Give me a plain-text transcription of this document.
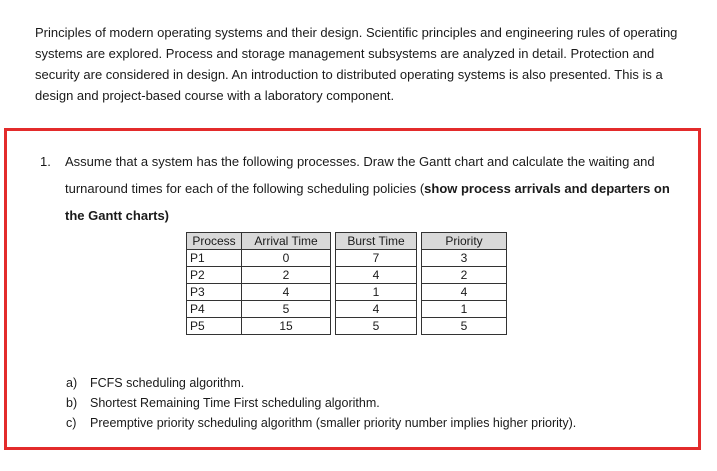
Principles of modern operating systems and their design. Scientific principles and engineering rules of operating systems are explored. Process and storage management subsystems are analyzed in detail. Protection and security are considered in design. An introduction to distributed operating systems is also presented. This is a design and project-based course with a laboratory component.

1. Assume that a system has the following processes. Draw the Gantt chart and calculate the waiting and turnaround times for each of the following scheduling policies (show process arrivals and departers on the Gantt charts)
Process	Arrival Time		Burst Time		Priority
P1	0		7		3
P2	2		4		2
P3	4		1		4
P4	5		4		1
P5	15		5		5
a)	FCFS scheduling algorithm.
b)	Shortest Remaining Time First scheduling algorithm.
c)	Preemptive priority scheduling algorithm (smaller priority number implies higher priority).
